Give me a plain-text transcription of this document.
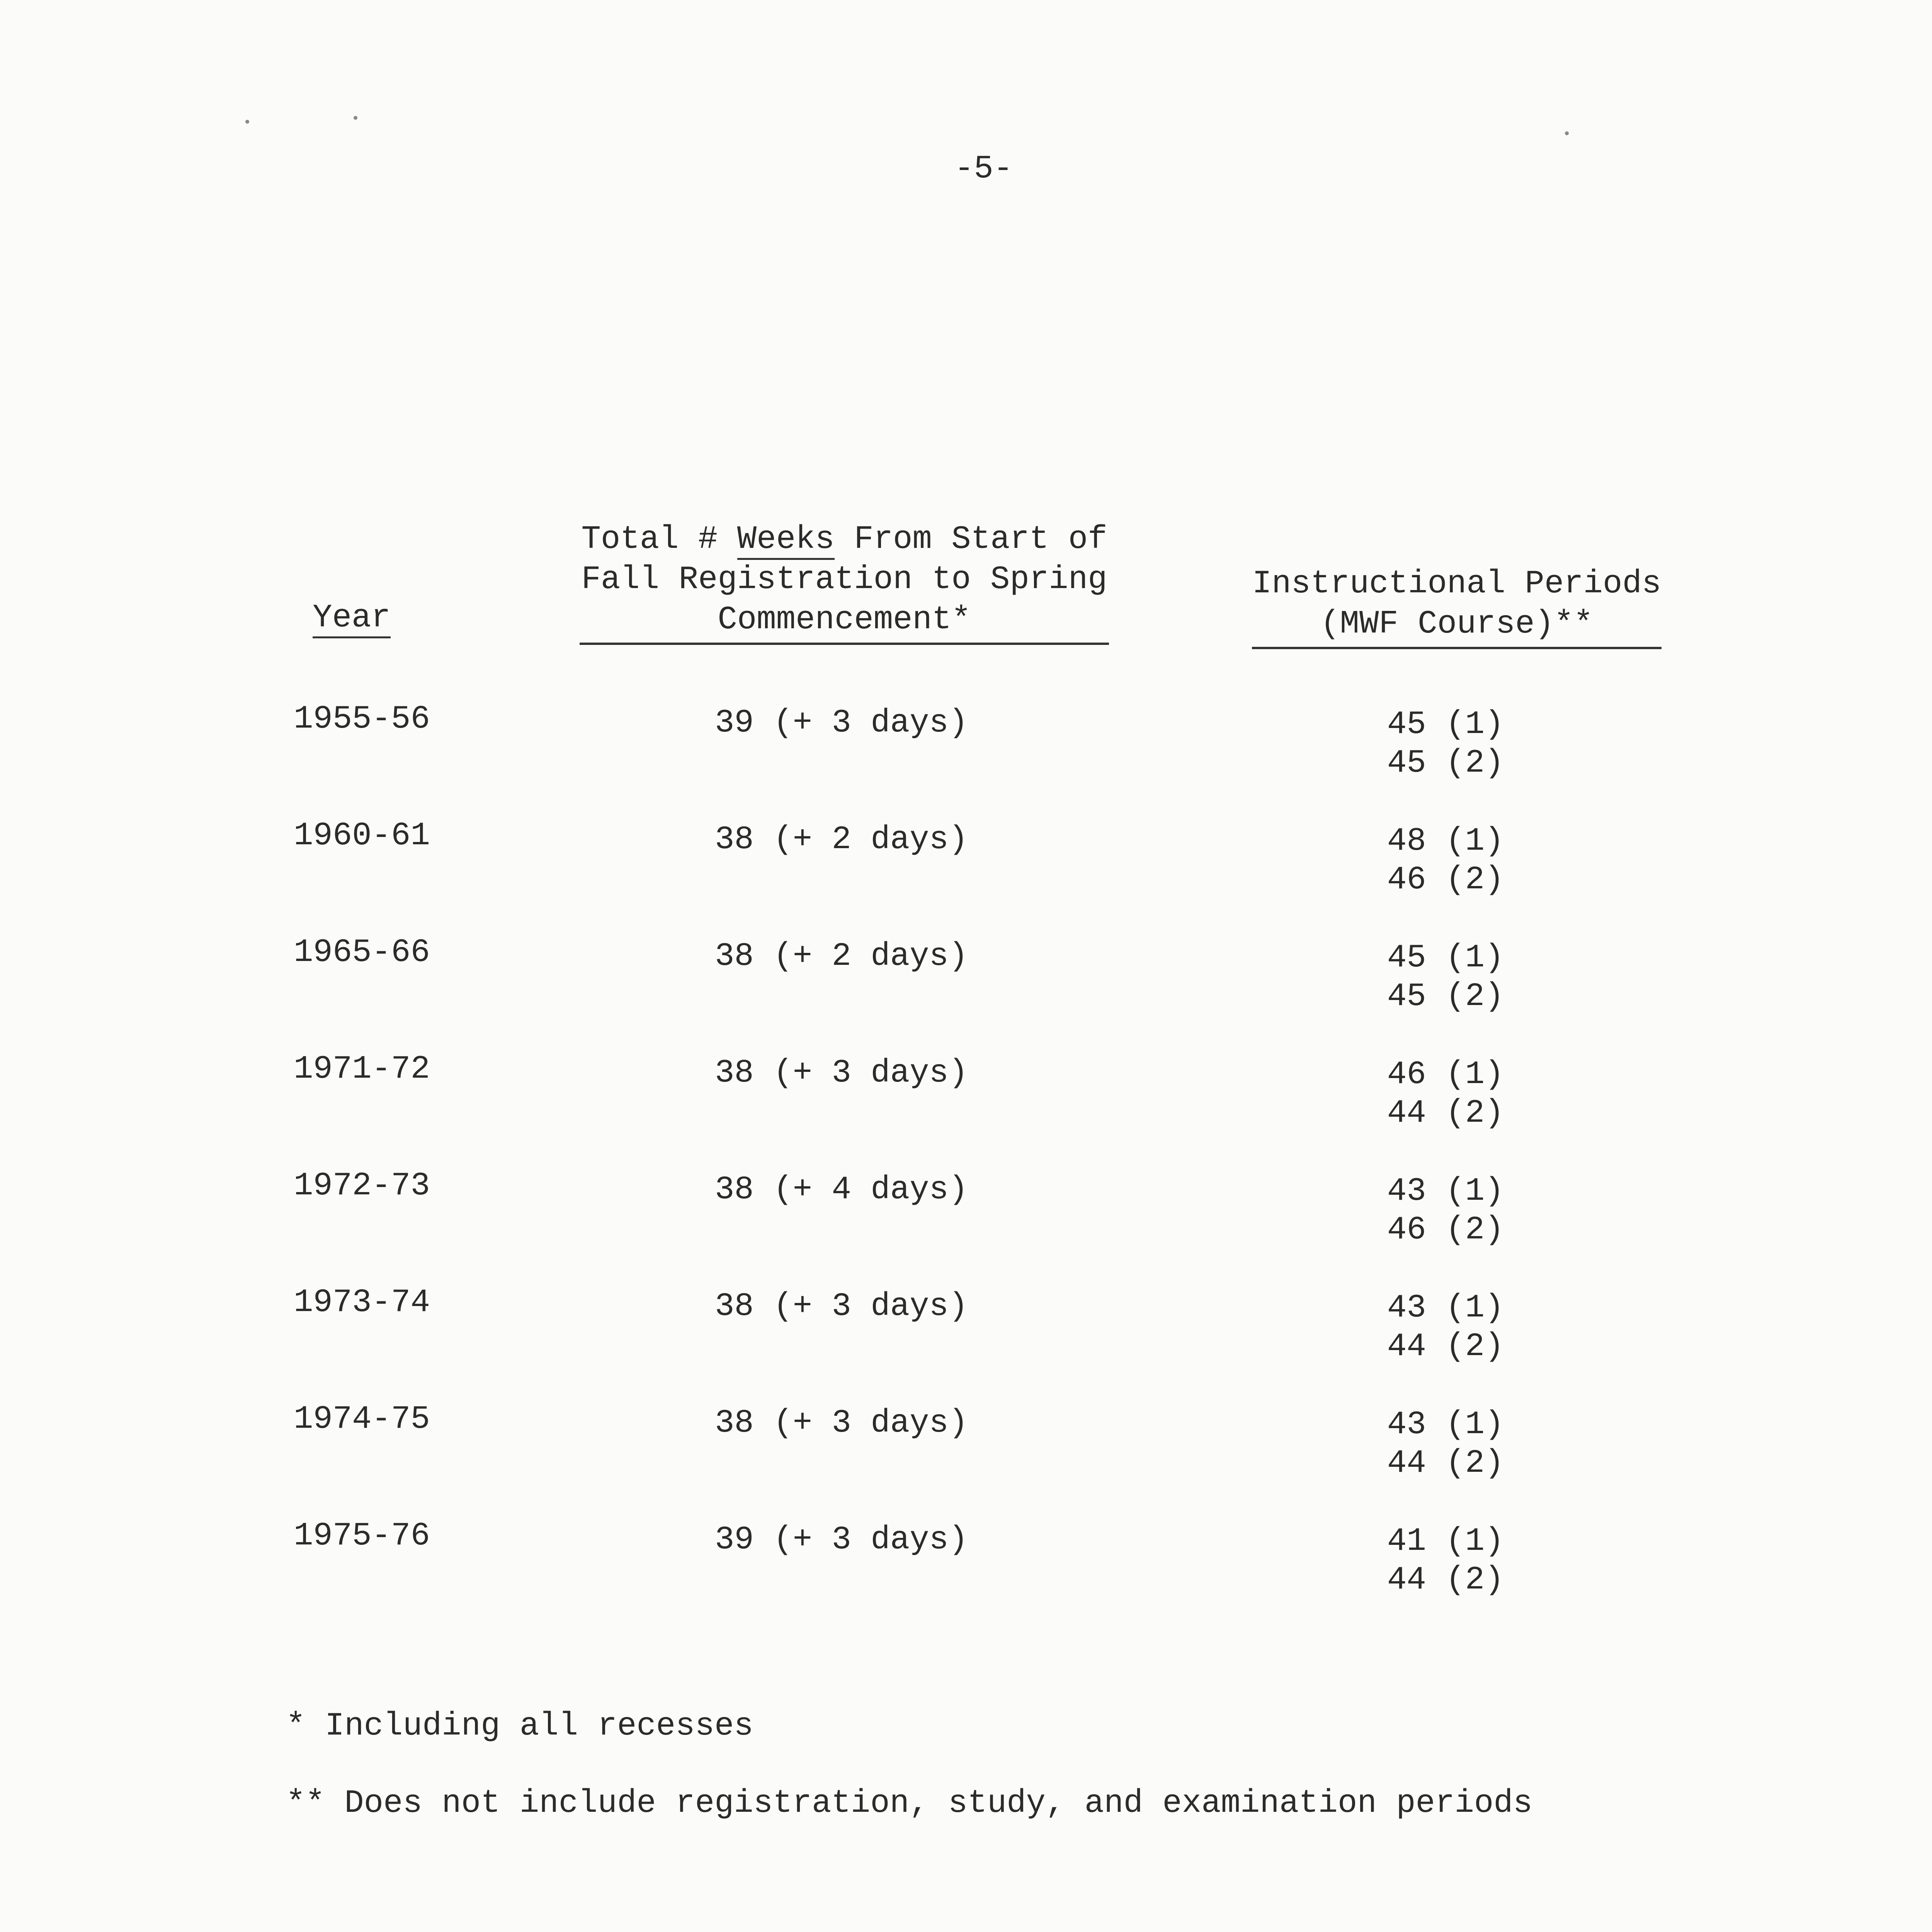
-5-
Year
Total # Weeks From Start of
Fall Registration to Spring
Commencement*
Instructional Periods
(MWF Course)**
1955-56	39 (+ 3 days)	45 (1)
45 (2)
1960-61	38 (+ 2 days)	48 (1)
46 (2)
1965-66	38 (+ 2 days)	45 (1)
45 (2)
1971-72	38 (+ 3 days)	46 (1)
44 (2)
1972-73	38 (+ 4 days)	43 (1)
46 (2)
1973-74	38 (+ 3 days)	43 (1)
44 (2)
1974-75	38 (+ 3 days)	43 (1)
44 (2)
1975-76	39 (+ 3 days)	41 (1)
44 (2)
* Including all recesses
** Does not include registration, study, and examination periods
